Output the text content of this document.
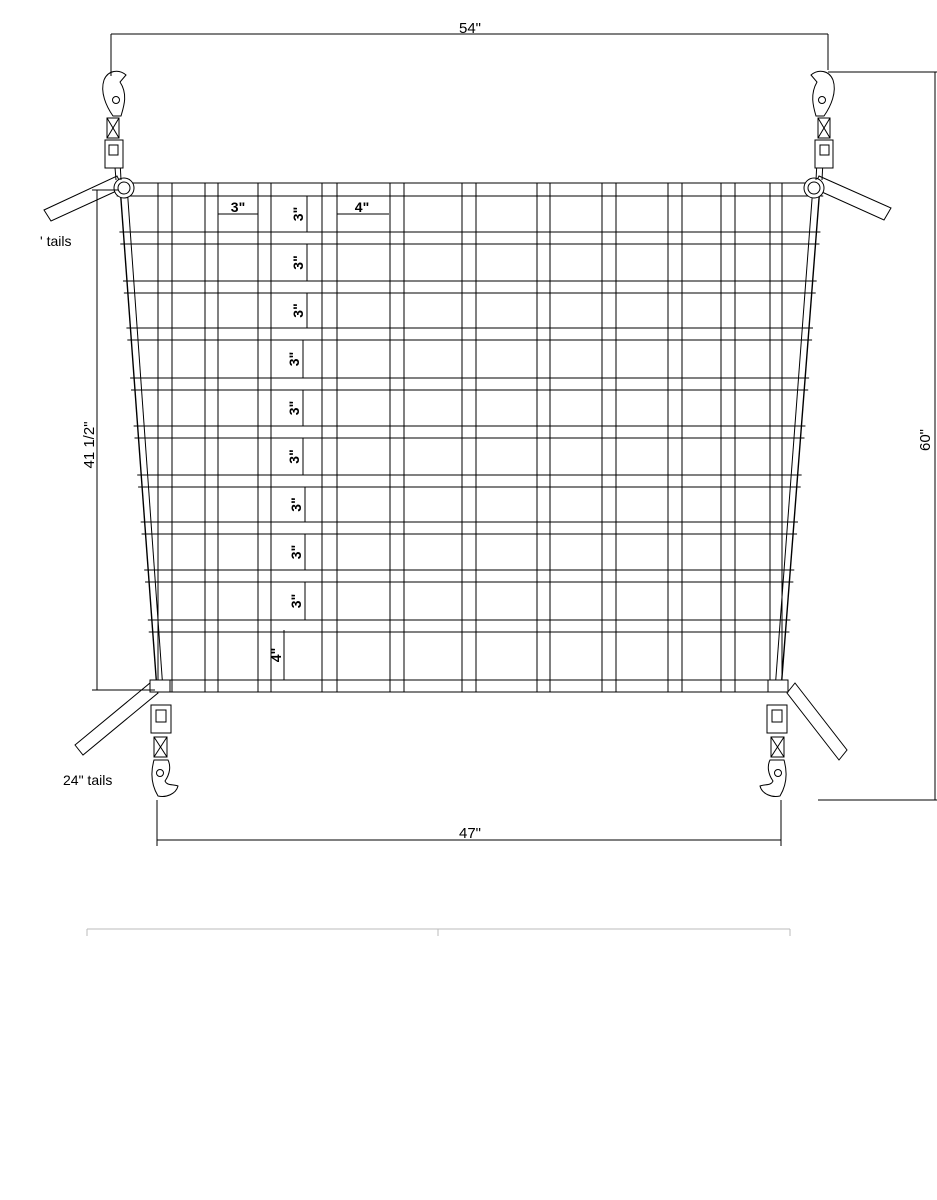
54"
47"
60"
41 1/2"
3"	4"
4"
3"
3"
3"
3"
3"
3"
3"
3"
3"
' tails
24" tails
